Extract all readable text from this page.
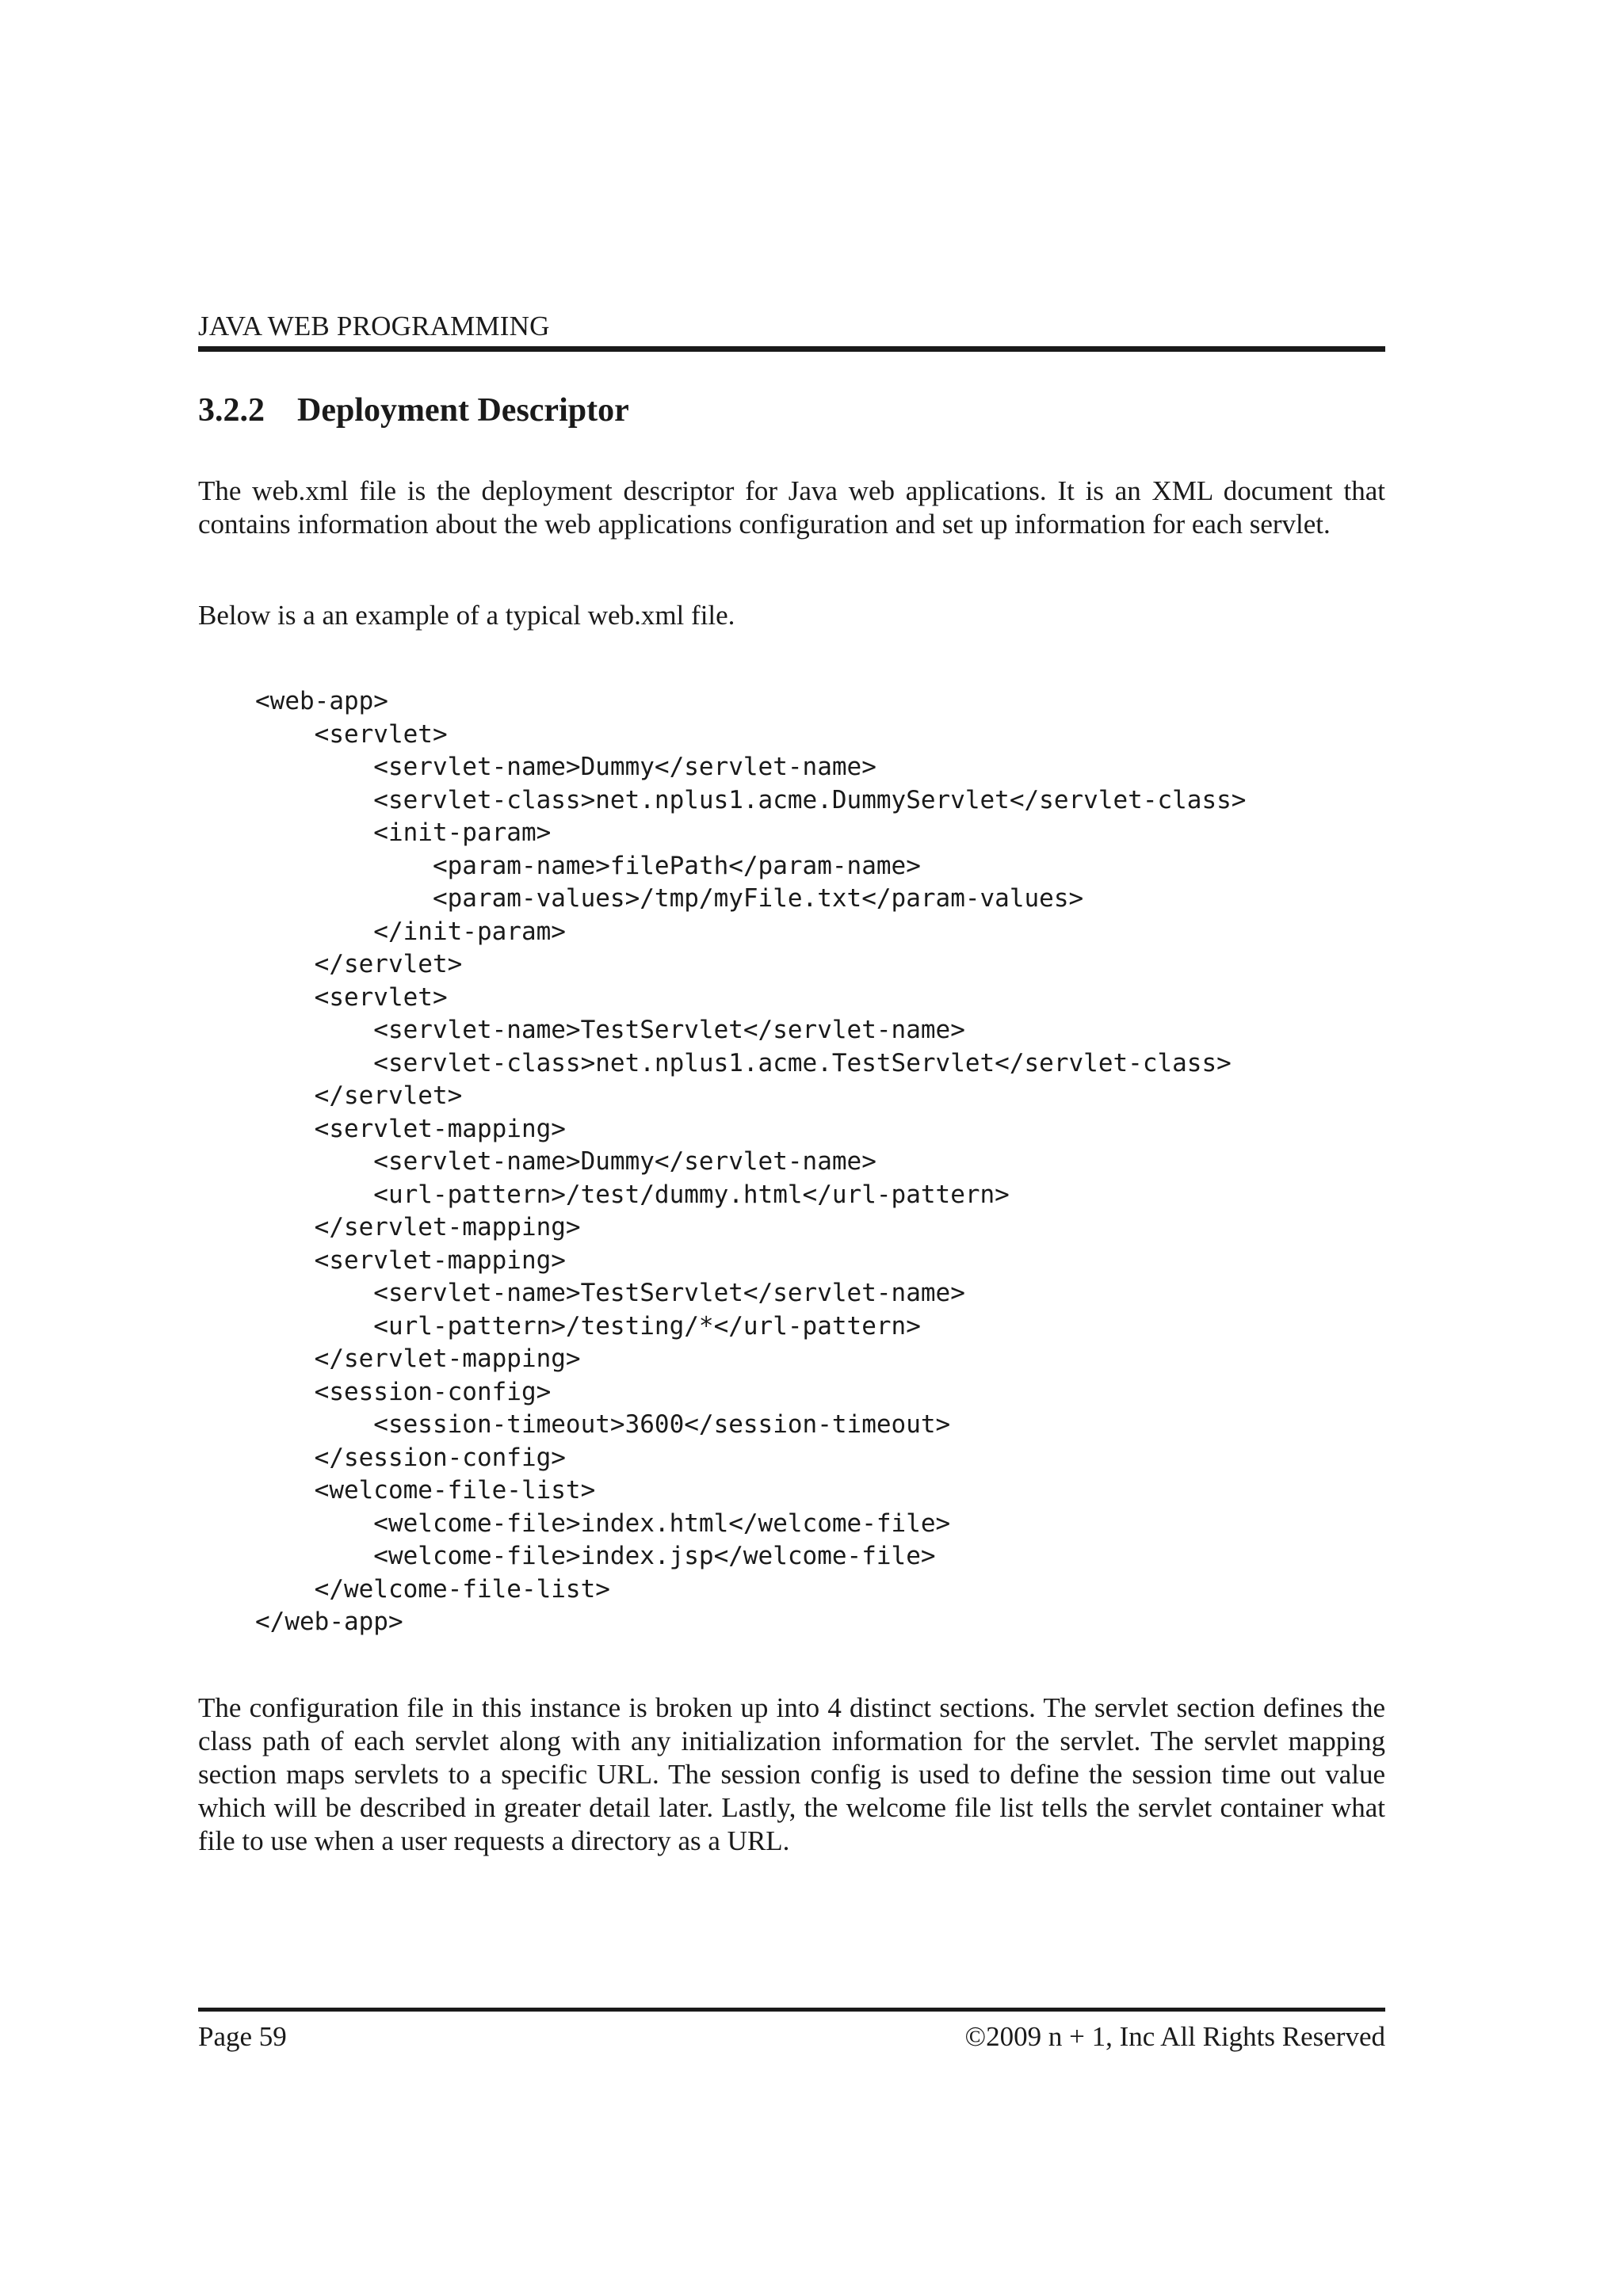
JAVA WEB PROGRAMMING
3.2.2 Deployment Descriptor

The web.xml file is the deployment descriptor for Java web applications. It is an XML document that contains information about the web applications configuration and set up information for each servlet.

Below is a an example of a typical web.xml file.

<web-app>
<servlet>
<servlet-name>Dummy</servlet-name>
<servlet-class>net.nplus1.acme.DummyServlet</servlet-class>
<init-param>
<param-name>filePath</param-name>
<param-values>/tmp/myFile.txt</param-values>
</init-param>
</servlet>
<servlet>
<servlet-name>TestServlet</servlet-name>
<servlet-class>net.nplus1.acme.TestServlet</servlet-class>
</servlet>
<servlet-mapping>
<servlet-name>Dummy</servlet-name>
<url-pattern>/test/dummy.html</url-pattern>
</servlet-mapping>
<servlet-mapping>
<servlet-name>TestServlet</servlet-name>
<url-pattern>/testing/*</url-pattern>
</servlet-mapping>
<session-config>
<session-timeout>3600</session-timeout>
</session-config>
<welcome-file-list>
<welcome-file>index.html</welcome-file>
<welcome-file>index.jsp</welcome-file>
</welcome-file-list>
</web-app>

The configuration file in this instance is broken up into 4 distinct sections. The servlet section defines the class path of each servlet along with any initialization information for the servlet. The servlet mapping section maps servlets to a specific URL. The session config is used to define the session time out value which will be described in greater detail later. Lastly, the welcome file list tells the servlet container what file to use when a user requests a directory as a URL.

Page 59	©2009 n + 1, Inc All Rights Reserved
